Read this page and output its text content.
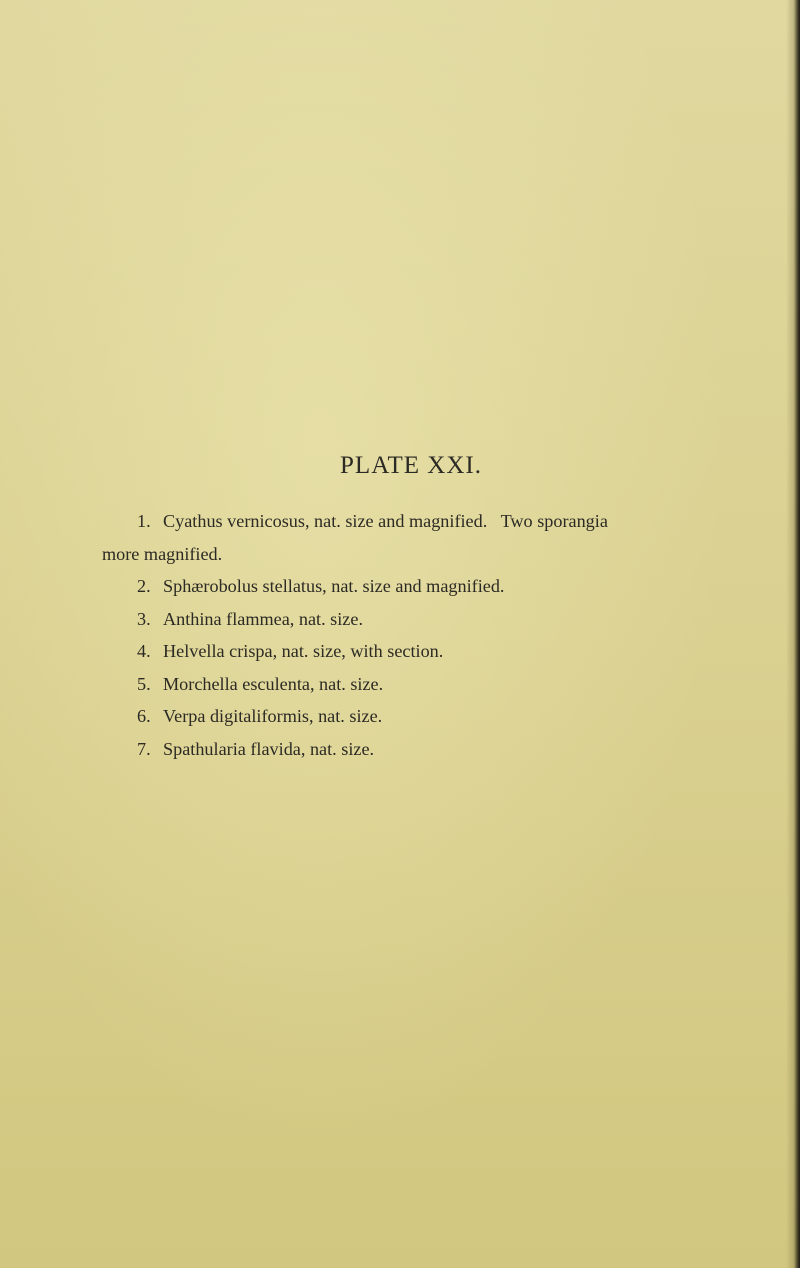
PLATE XXI.
1. Cyathus vernicosus, nat. size and magnified.   Two sporangia
more magnified.
2. Sphærobolus stellatus, nat. size and magnified.
3. Anthina flammea, nat. size.
4. Helvella crispa, nat. size, with section.
5. Morchella esculenta, nat. size.
6. Verpa digitaliformis, nat. size.
7. Spathularia flavida, nat. size.
